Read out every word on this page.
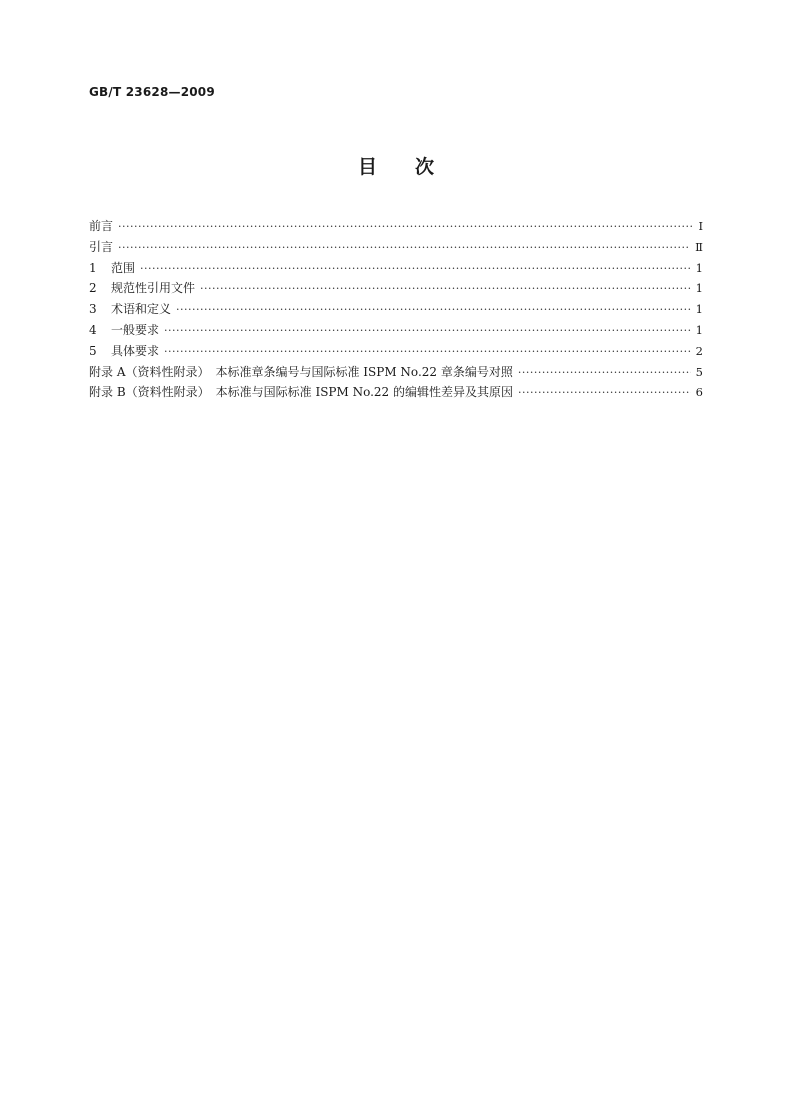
GB/T 23628—2009
目次
前言 ·····	Ⅰ
引言 ·····	Ⅱ
1 范围 ·····	1
2 规范性引用文件 ·····	1
3 术语和定义 ·····	1
4 一般要求 ·····	1
5 具体要求 ·····	2
附录 A（资料性附录）　本标准章条编号与国际标准 ISPM No.22 章条编号对照 ·····	5
附录 B（资料性附录）　本标准与国际标准 ISPM No.22 的编辑性差异及其原因 ·····	6
